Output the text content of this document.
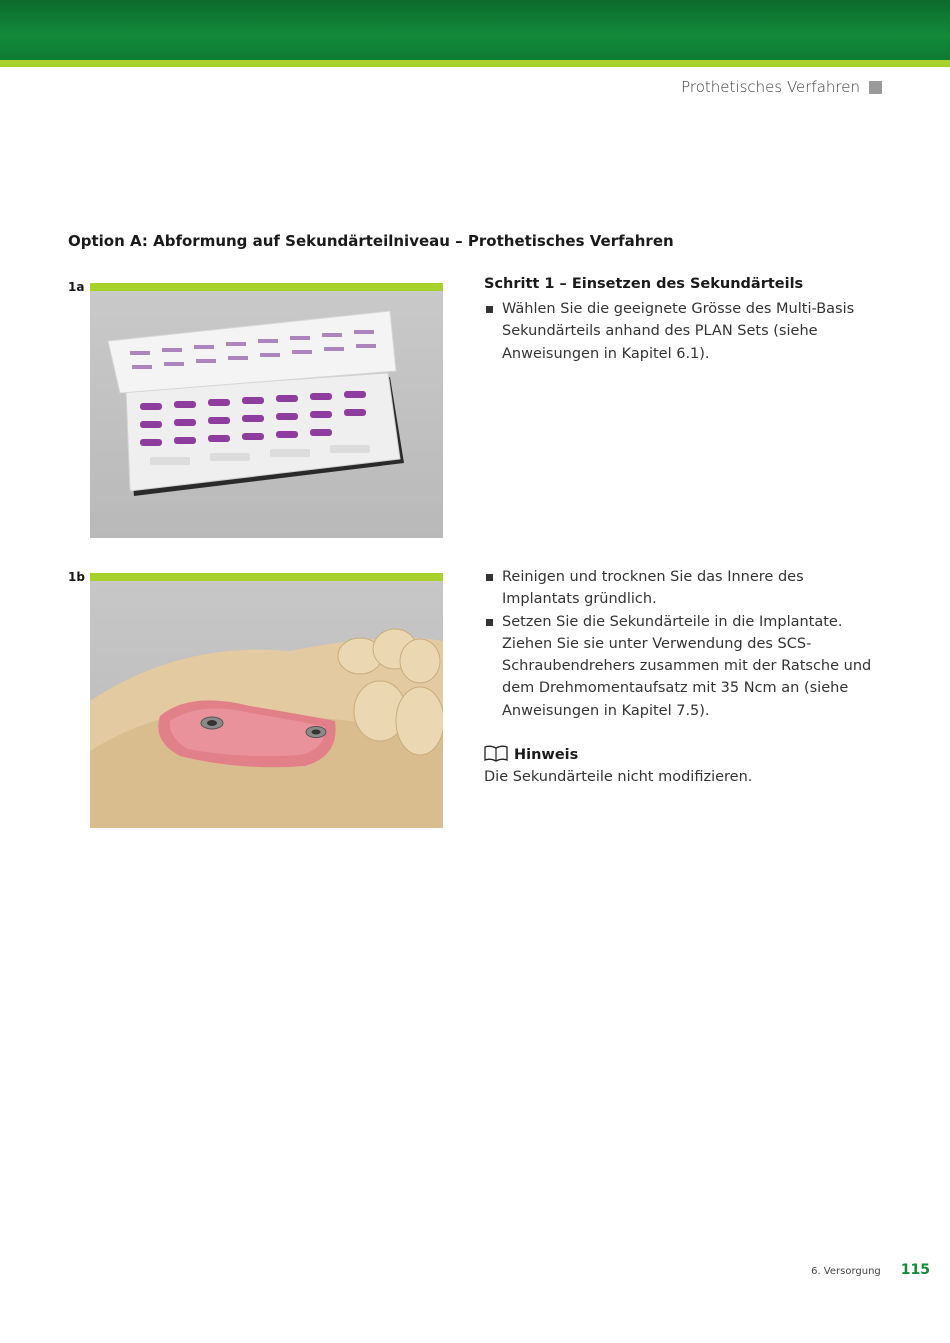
Prothetisches Verfahren
Option A: Abformung auf Sekundärteilniveau – Prothetisches Verfahren
1a	Schritt 1 – Einsetzen des Sekundärteils
Wählen Sie die geeignete Grösse des Multi-Basis Sekundärteils anhand des PLAN Sets (siehe Anweisungen in Kapitel 6.1).
1b	Reinigen und trocknen Sie das Innere des Implantats gründlich.
Setzen Sie die Sekundärteile in die Implantate. Ziehen Sie sie unter Verwendung des SCS-Schraubendrehers zusammen mit der Ratsche und dem Drehmomentaufsatz mit 35 Ncm an (siehe Anweisungen in Kapitel 7.5).
Hinweis
Die Sekundärteile nicht modifizieren.
6. Versorgung 115
